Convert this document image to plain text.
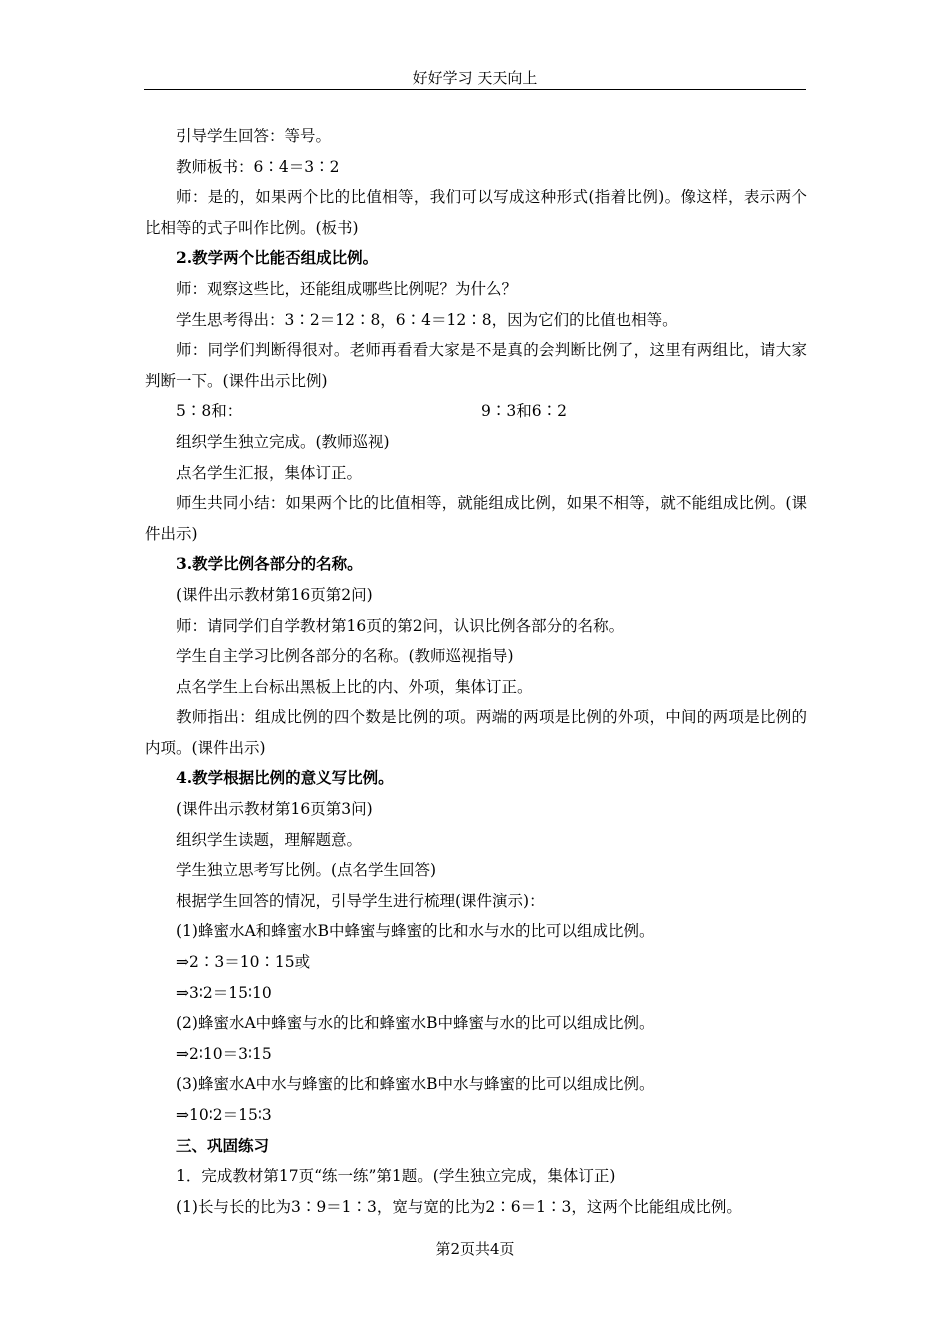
好好学习 天天向上

引导学生回答：等号。

教师板书：6∶4＝3∶2

师：是的，如果两个比的比值相等，我们可以写成这种形式(指着比例)。像这样，表示两个比相等的式子叫作比例。(板书)

2.教学两个比能否组成比例。

师：观察这些比，还能组成哪些比例呢？为什么？

学生思考得出：3∶2＝12∶8，6∶4＝12∶8，因为它们的比值也相等。

师：同学们判断得很对。老师再看看大家是不是真的会判断比例了，这里有两组比，请大家判断一下。(课件出示比例)

5∶8和：	9∶3和6∶2

组织学生独立完成。(教师巡视)

点名学生汇报，集体订正。

师生共同小结：如果两个比的比值相等，就能组成比例，如果不相等，就不能组成比例。(课件出示)

3.教学比例各部分的名称。

(课件出示教材第16页第2问)

师：请同学们自学教材第16页的第2问，认识比例各部分的名称。

学生自主学习比例各部分的名称。(教师巡视指导)

点名学生上台标出黑板上比的内、外项，集体订正。

教师指出：组成比例的四个数是比例的项。两端的两项是比例的外项，中间的两项是比例的内项。(课件出示)

4.教学根据比例的意义写比例。

(课件出示教材第16页第3问)

组织学生读题，理解题意。

学生独立思考写比例。(点名学生回答)

根据学生回答的情况，引导学生进行梳理(课件演示)：

(1)蜂蜜水A和蜂蜜水B中蜂蜜与蜂蜜的比和水与水的比可以组成比例。

⇒2∶3＝10∶15或

⇒3∶2＝15∶10

(2)蜂蜜水A中蜂蜜与水的比和蜂蜜水B中蜂蜜与水的比可以组成比例。

⇒2∶10＝3∶15

(3)蜂蜜水A中水与蜂蜜的比和蜂蜜水B中水与蜂蜜的比可以组成比例。

⇒10∶2＝15∶3

三、巩固练习

1．完成教材第17页“练一练”第1题。(学生独立完成，集体订正)

(1)长与长的比为3∶9＝1∶3，宽与宽的比为2∶6＝1∶3，这两个比能组成比例。

第2页共4页
